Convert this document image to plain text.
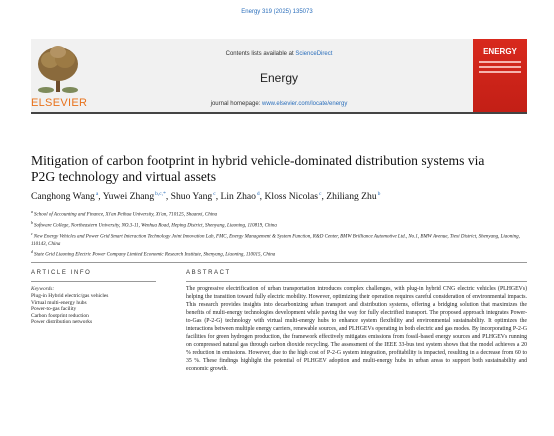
Energy 319 (2025) 135073
ELSEVIER
Contents lists available at ScienceDirect
Energy
journal homepage: www.elsevier.com/locate/energy
ENERGY
Mitigation of carbon footprint in hybrid vehicle-dominated distribution systems via P2G technology and virtual assets
Canghong Wang$^a$, Yuwei Zhang$^{b,c,*}$, Shuo Yang$^c$, Lin Zhao$^d$, Kloss Nicolas$^c$, Zhiliang Zhu$^b$

$^a$School of Accounting and Finance, Xi'an Peihua University, Xi'an, 710125, Shaanxi, China

$^b$Software College, Northeastern University, NO.3-11, Wenhua Road, Heping District, Shenyang, Liaoning, 110819, China

$^c$New Energy Vehicles and Power Grid Smart Interaction Technology Joint Innovation Lab, FMC, Energy Management & System Function, R&D Center, BMW Brilliance Automotive Ltd., No.1, BMW Avenue, Tiexi District, Shenyang, Liaoning, 110143, China

$^d$State Grid Liaoning Electric Power Company Limited Economic Research Institute, Shenyang, Liaoning, 110015, China

ARTICLE INFO	ABSTRACT
Keywords:
Plug-in Hybrid electric/gas vehicles
Virtual multi-energy hubs
Power-to-gas facility
Carbon footprint reduction
Power distribution networks

The progressive electrification of urban transportation introduces complex challenges, with plug-in hybrid CNG electric vehicles (PLHGEVs) helping the transition toward fully electric mobility. However, optimizing their operation requires careful consideration of environmental impacts. This research provides insights into decarbonizing urban transport and distribution systems, offering a bridging solution that maximizes the benefits of multi-energy technologies development while paving the way for fully electrified transport. The proposed approach integrates Power-to-Gas (P-2-G) technology with virtual multi-energy hubs to enhance system flexibility and environmental sustainability. It optimizes the interactions between multiple energy carriers, renewable sources, and PLHGEVs operating in both electric and gas modes. By incorporating P-2-G facilities for green hydrogen production, the framework effectively mitigates emissions from fossil-based energy sources and PLHGEVs running on compressed natural gas through carbon dioxide recycling. The assessment of the IEEE 33-bus test system shows that the model achieves a 20 % reduction in emissions. However, due to the high cost of P-2-G system integration, profitability is impacted, resulting in a decrease from 60 to 35 %. These findings highlight the potential of PLHGEV adoption and multi-energy hubs in urban areas to support both sustainability and economic growth.
